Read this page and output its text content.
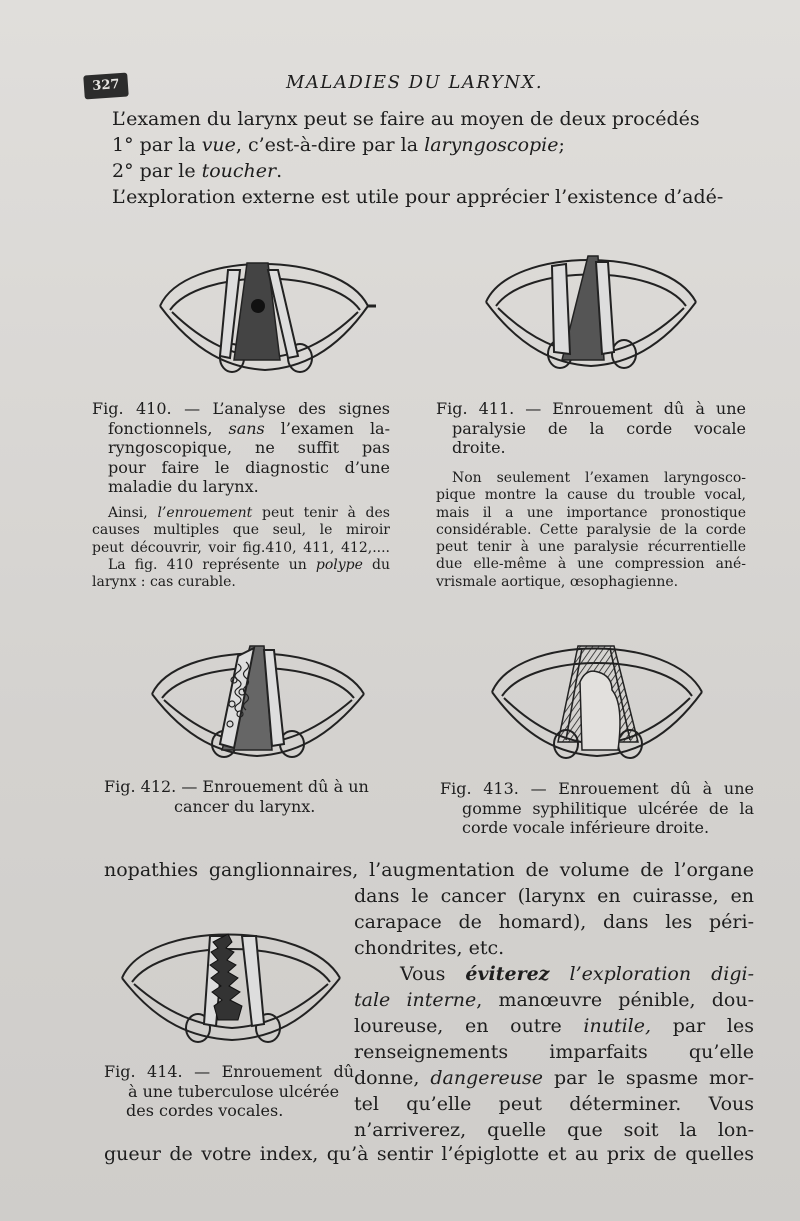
327	MALADIES DU LARYNX.
L’examen du larynx peut se faire au moyen de deux procédés
1° par la vue, c’est-à-dire par la laryngoscopie;
2° par le toucher.
L’exploration externe est utile pour apprécier l’existence d’adé-
Fig. 410. — L’analyse des signes
fonctionnels, sans l’examen la-
ryngoscopique, ne suffit pas
pour faire le diagnostic d’une
maladie du larynx.
Ainsi, l’enrouement peut tenir à des
causes multiples que seul, le miroir
peut découvrir, voir fig.410, 411, 412,....
La fig. 410 représente un polype du
larynx : cas curable.
Fig. 411. — Enrouement dû à une
paralysie de la corde vocale
droite.
Non seulement l’examen laryngosco-
pique montre la cause du trouble vocal,
mais il a une importance pronostique
considérable. Cette paralysie de la corde
peut tenir à une paralysie récurrentielle
due elle-même à une compression ané-
vrismale aortique, œsophagienne.
Fig. 412. — Enrouement dû à un
cancer du larynx.
Fig. 413. — Enrouement dû à une
gomme syphilitique ulcérée de la
corde vocale inférieure droite.
nopathies ganglionnaires, l’augmentation de volume de l’organe
dans le cancer (larynx en cuirasse, en
carapace de homard), dans les péri-
chondrites, etc.
Vous éviterez l’exploration digi-
tale interne, manœuvre pénible, dou-
loureuse, en outre inutile, par les
renseignements imparfaits qu’elle
donne, dangereuse par le spasme mor-
tel qu’elle peut déterminer. Vous
n’arriverez, quelle que soit la lon-
Fig. 414. — Enrouement dû
à une tuberculose ulcérée
des cordes vocales.
gueur de votre index, qu’à sentir l’épiglotte et au prix de quelles
